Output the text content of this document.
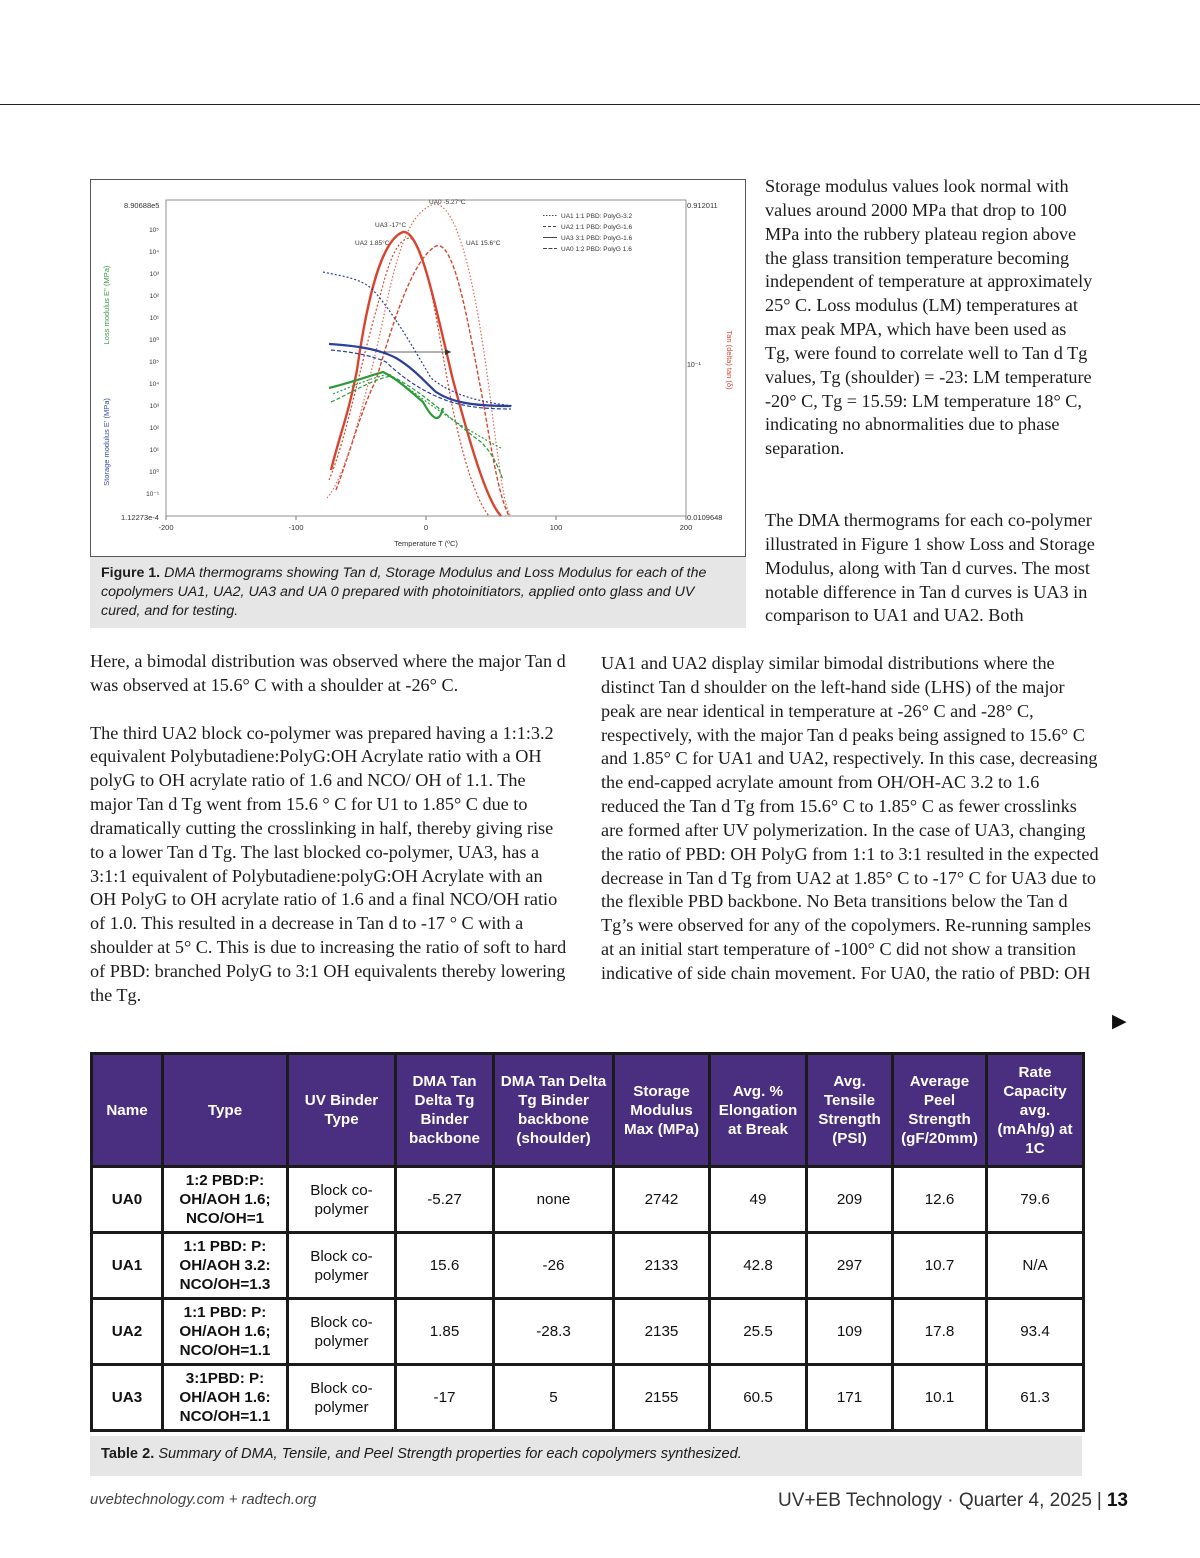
8.90688e5
1.12273e-4
0.912011
10⁻¹
0.0109648
Loss modulus E'' (MPa)
Storage modulus E' (MPa)
Tan (delta) tan (δ)
Temperature T (ºC)
-200	-100	0	100	200
10⁵
10⁴
10³
10²
10¹
10⁰
10⁵
10⁴
10³
10²
10¹
10⁰
10⁻¹
UA1 1:1 PBD: PolyG-3.2
UA2 1:1 PBD: PolyG-1.6
UA3 3:1 PBD: PolyG-1.6
UA0 1:2 PBD: PolyG 1.6
UA0 -5.27°C
UA3 -17°C
UA2 1.85°C	UA1 15.6°C
Figure 1. DMA thermograms showing Tan d, Storage Modulus and Loss Modulus for each of the copolymers UA1, UA2, UA3 and UA 0 prepared with photoinitiators, applied onto glass and UV cured, and for testing.

Storage modulus values look normal with values around 2000 MPa that drop to 100 MPa into the rubbery plateau region above the glass transition temperature becoming independent of temperature at approximately 25° C. Loss modulus (LM) temperatures at max peak MPA, which have been used as Tg, were found to correlate well to Tan d Tg values, Tg (shoulder) = -23: LM temperature -20° C, Tg = 15.59: LM temperature 18° C, indicating no abnormalities due to phase separation.

The DMA thermograms for each co-polymer illustrated in Figure 1 show Loss and Storage Modulus, along with Tan d curves. The most notable difference in Tan d curves is UA3 in comparison to UA1 and UA2. Both

UA1 and UA2 display similar bimodal distributions where the distinct Tan d shoulder on the left-hand side (LHS) of the major peak are near identical in temperature at -26° C and -28° C, respectively, with the major Tan d peaks being assigned to 15.6° C and 1.85° C for UA1 and UA2, respectively. In this case, decreasing the end-capped acrylate amount from OH/OH-AC 3.2 to 1.6 reduced the Tan d Tg from 15.6° C to 1.85° C as fewer crosslinks are formed after UV polymerization. In the case of UA3, changing the ratio of PBD: OH PolyG from 1:1 to 3:1 resulted in the expected decrease in Tan d Tg from UA2 at 1.85° C to -17° C for UA3 due to the flexible PBD backbone. No Beta transitions below the Tan d Tg’s were observed for any of the copolymers. Re-running samples at an initial start temperature of -100° C did not show a transition indicative of side chain movement. For UA0, the ratio of PBD: OH

Here, a bimodal distribution was observed where the major Tan d was observed at 15.6° C with a shoulder at -26° C.

The third UA2 block co-polymer was prepared having a 1:1:3.2 equivalent Polybutadiene:PolyG:OH Acrylate ratio with a OH polyG to OH acrylate ratio of 1.6 and NCO/ OH of 1.1. The major Tan d Tg went from 15.6 ° C for U1 to 1.85° C due to dramatically cutting the crosslinking in half, thereby giving rise to a lower Tan d Tg. The last blocked co-polymer, UA3, has a 3:1:1 equivalent of Polybutadiene:polyG:OH Acrylate with an OH PolyG to OH acrylate ratio of 1.6 and a final NCO/OH ratio of 1.0. This resulted in a decrease in Tan d to -17 ° C with a shoulder at 5° C. This is due to increasing the ratio of soft to hard of PBD: branched PolyG to 3:1 OH equivalents thereby lowering the Tg.

▶
Name	Type	UV Binder Type	DMA Tan Delta Tg Binder backbone	DMA Tan Delta Tg Binder backbone (shoulder)	Storage Modulus Max (MPa)	Avg. % Elongation at Break	Avg. Tensile Strength (PSI)	Average Peel Strength (gF/20mm)	Rate Capacity avg. (mAh/g) at 1C
UA0	1:2 PBD:P: OH/AOH 1.6; NCO/OH=1	Block co-polymer	-5.27	none	2742	49	209	12.6	79.6
UA1	1:1 PBD: P: OH/AOH 3.2: NCO/OH=1.3	Block co-polymer	15.6	-26	2133	42.8	297	10.7	N/A
UA2	1:1 PBD: P: OH/AOH 1.6; NCO/OH=1.1	Block co-polymer	1.85	-28.3	2135	25.5	109	17.8	93.4
UA3	3:1PBD: P: OH/AOH 1.6: NCO/OH=1.1	Block co-polymer	-17	5	2155	60.5	171	10.1	61.3
Table 2. Summary of DMA, Tensile, and Peel Strength properties for each copolymers synthesized.
uvebtechnology.com + radtech.org	UV+EB Technology · Quarter 4, 2025 | 13
